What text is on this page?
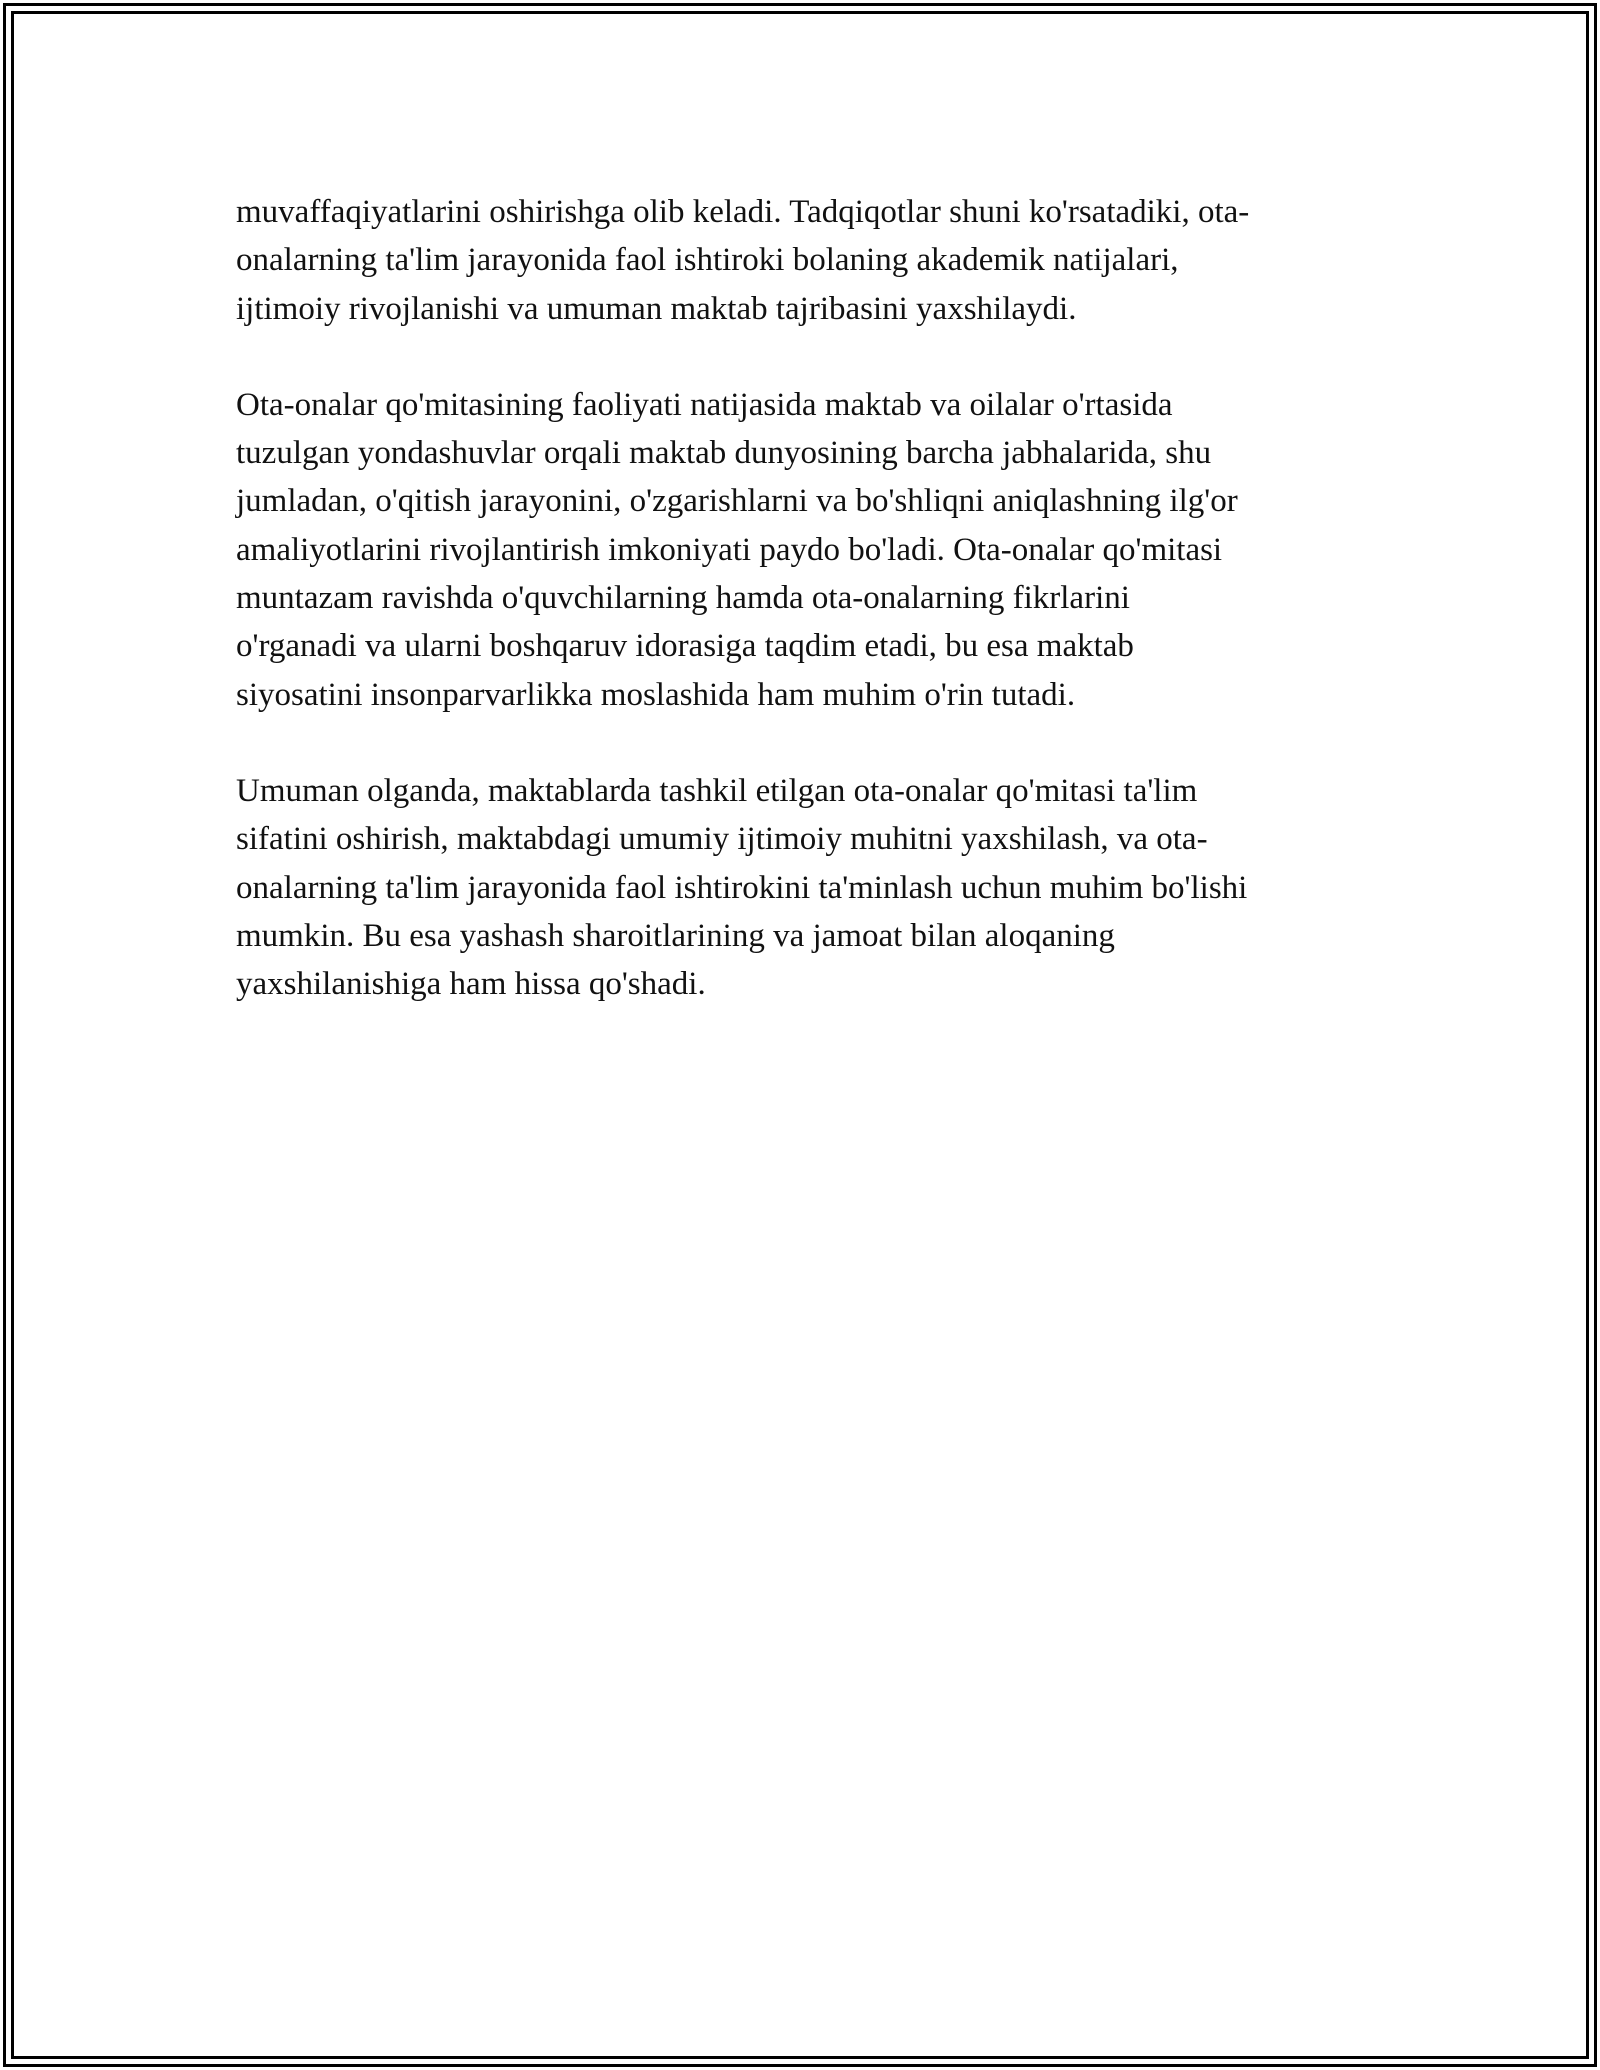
muvaffaqiyatlarini oshirishga olib keladi. Tadqiqotlar shuni ko'rsatadiki, ota-
onalarning ta'lim jarayonida faol ishtiroki bolaning akademik natijalari,
ijtimoiy rivojlanishi va umuman maktab tajribasini yaxshilaydi.

Ota-onalar qo'mitasining faoliyati natijasida maktab va oilalar o'rtasida
tuzulgan yondashuvlar orqali maktab dunyosining barcha jabhalarida, shu
jumladan, o'qitish jarayonini, o'zgarishlarni va bo'shliqni aniqlashning ilg'or
amaliyotlarini rivojlantirish imkoniyati paydo bo'ladi. Ota-onalar qo'mitasi
muntazam ravishda o'quvchilarning hamda ota-onalarning fikrlarini
o'rganadi va ularni boshqaruv idorasiga taqdim etadi, bu esa maktab
siyosatini insonparvarlikka moslashida ham muhim o'rin tutadi.

Umuman olganda, maktablarda tashkil etilgan ota-onalar qo'mitasi ta'lim
sifatini oshirish, maktabdagi umumiy ijtimoiy muhitni yaxshilash, va ota-
onalarning ta'lim jarayonida faol ishtirokini ta'minlash uchun muhim bo'lishi
mumkin. Bu esa yashash sharoitlarining va jamoat bilan aloqaning
yaxshilanishiga ham hissa qo'shadi.
